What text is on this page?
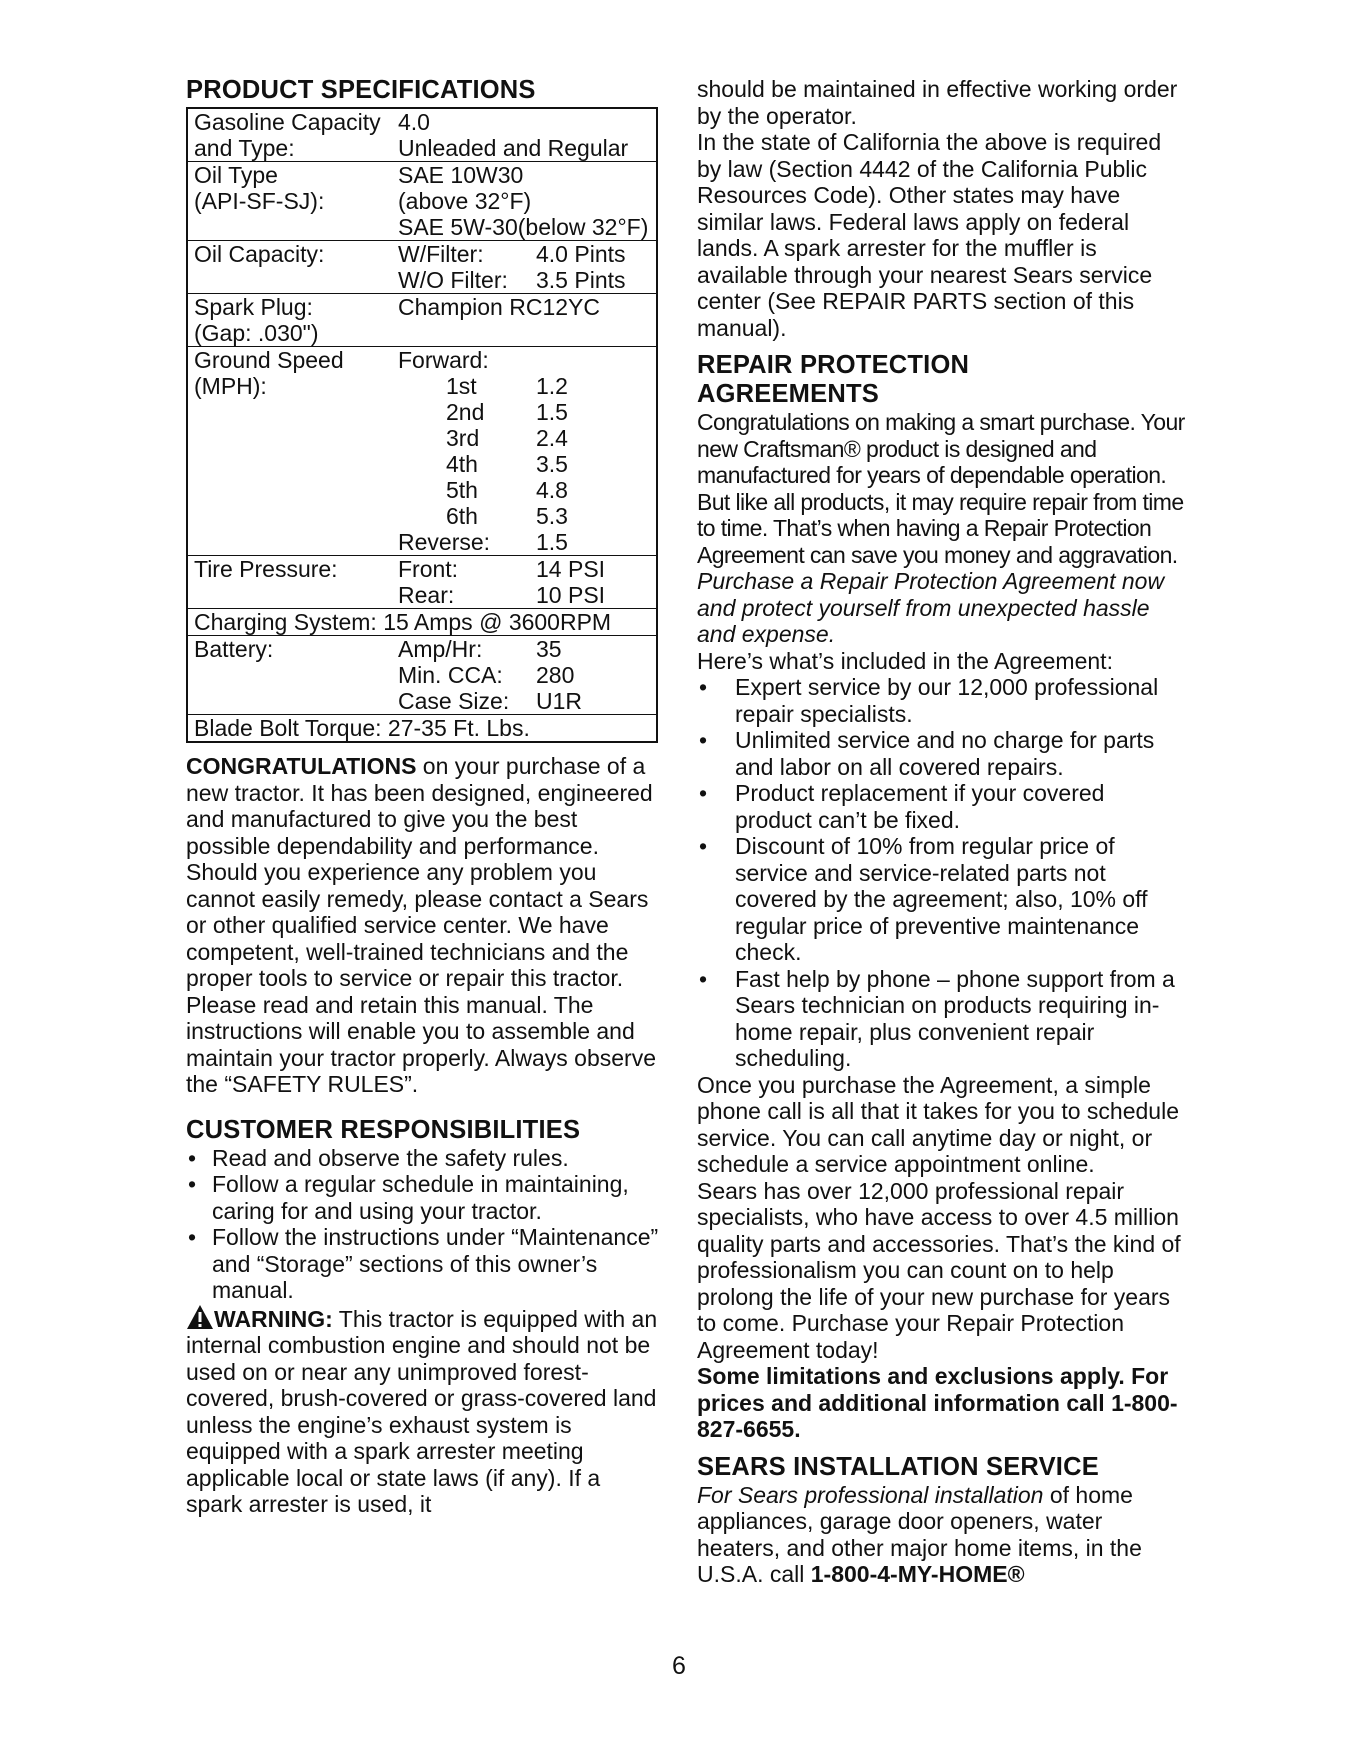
PRODUCT SPECIFICATIONS
Gasoline Capacity 4.0
and Type:	Unleaded and Regular
Oil Type	SAE 10W30
(API-SF-SJ):	(above 32°F)
SAE 5W-30(below 32°F)
Oil Capacity:	W/Filter:	4.0 Pints
W/O Filter:	3.5 Pints
Spark Plug:	Champion RC12YC
(Gap: .030")
Ground Speed	Forward:
(MPH):	1st	1.2
2nd	1.5
3rd	2.4
4th	3.5
5th	4.8
6th	5.3
Reverse:	1.5
Tire Pressure:	Front:	14 PSI
Rear:	10 PSI
Charging System: 15 Amps @ 3600RPM
Battery:	Amp/Hr:	35
Min. CCA:	280
Case Size:	U1R
Blade Bolt Torque: 27-35 Ft. Lbs.

CONGRATULATIONS on your purchase of a new tractor. It has been designed, engineered and manufactured to give you the best possible dependability and performance.

Should you experience any problem you cannot easily remedy, please contact a Sears or other qualified service center. We have competent, well-trained technicians and the proper tools to service or repair this tractor.

Please read and retain this manual. The instructions will enable you to assemble and maintain your tractor properly. Always observe the “SAFETY RULES”.

CUSTOMER RESPONSIBILITIES
• Read and observe the safety rules.
• Follow a regular schedule in maintaining, caring for and using your tractor.
• Follow the instructions under “Maintenance” and “Storage” sections of this owner’s manual.

WARNING: This tractor is equipped with an internal combustion engine and should not be used on or near any unimproved forest-covered, brush-covered or grass-covered land unless the engine’s exhaust system is equipped with a spark arrester meeting applicable local or state laws (if any). If a spark arrester is used, it

should be maintained in effective working order by the operator.

In the state of California the above is required by law (Section 4442 of the California Public Resources Code). Other states may have similar laws. Federal laws apply on federal lands. A spark arrester for the muffler is available through your nearest Sears service center (See REPAIR PARTS section of this manual).

REPAIR PROTECTION
AGREEMENTS

Congratulations on making a smart purchase. Your new Craftsman® product is designed and manufactured for years of dependable operation. But like all products, it may require repair from time to time. That’s when having a Repair Protection Agreement can save you money and aggravation.

Purchase a Repair Protection Agreement now and protect yourself from unexpected hassle and expense.

Here’s what’s included in the Agreement:

• Expert service by our 12,000 professional repair specialists.
• Unlimited service and no charge for parts and labor on all covered repairs.
• Product replacement if your covered product can’t be fixed.
• Discount of 10% from regular price of service and service-related parts not covered by the agreement; also, 10% off regular price of preventive maintenance check.
• Fast help by phone – phone support from a Sears technician on products requiring in-home repair, plus convenient repair scheduling.

Once you purchase the Agreement, a simple phone call is all that it takes for you to schedule service. You can call anytime day or night, or schedule a service appointment online.

Sears has over 12,000 professional repair specialists, who have access to over 4.5 million quality parts and accessories. That’s the kind of professionalism you can count on to help prolong the life of your new purchase for years to come. Purchase your Repair Protection Agreement today!

Some limitations and exclusions apply. For prices and additional information call 1-800-827-6655.

SEARS INSTALLATION SERVICE

For Sears professional installation of home appliances, garage door openers, water heaters, and other major home items, in the U.S.A. call 1-800-4-MY-HOME®

6
